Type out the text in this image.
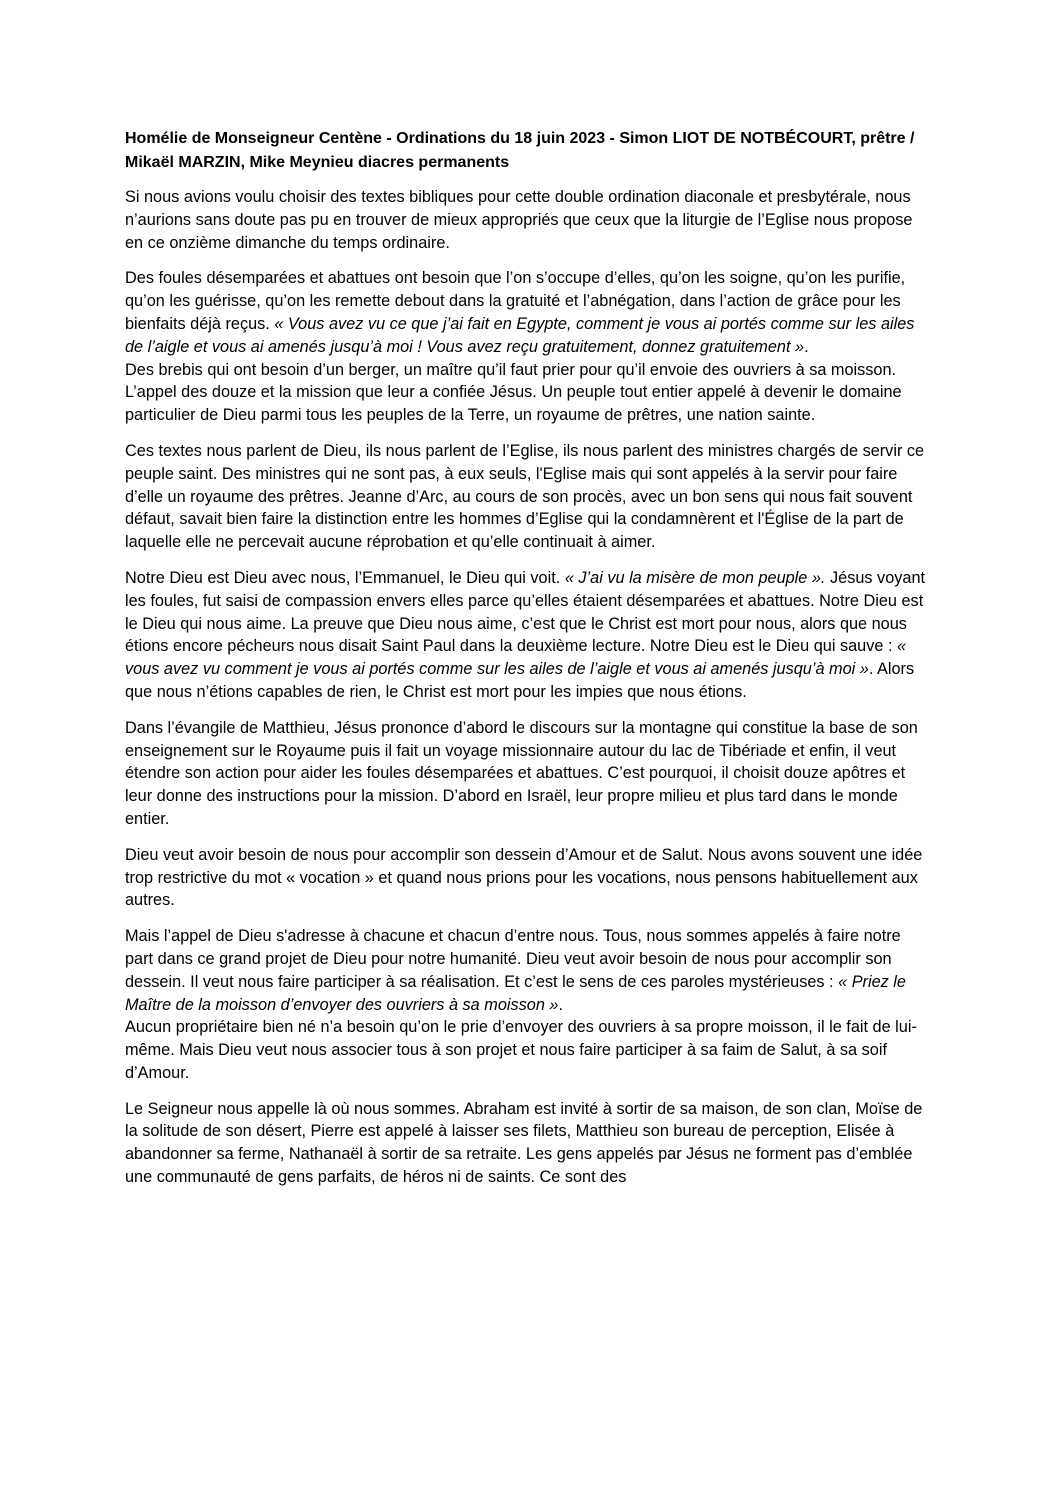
Homélie de Monseigneur Centène - Ordinations du 18 juin 2023 - Simon LIOT DE NOTBÉCOURT, prêtre / Mikaël MARZIN, Mike Meynieu diacres permanents
Si nous avions voulu choisir des textes bibliques pour cette double ordination diaconale et presbytérale, nous n’aurions sans doute pas pu en trouver de mieux appropriés que ceux que la liturgie de l’Eglise nous propose en ce onzième dimanche du temps ordinaire.
Des foules désemparées et abattues ont besoin que l’on s’occupe d’elles, qu’on les soigne, qu’on les purifie, qu’on les guérisse, qu’on les remette debout dans la gratuité et l’abnégation, dans l’action de grâce pour les bienfaits déjà reçus. « Vous avez vu ce que j’ai fait en Egypte, comment je vous ai portés comme sur les ailes de l’aigle et vous ai amenés jusqu’à moi ! Vous avez reçu gratuitement, donnez gratuitement ».
Des brebis qui ont besoin d’un berger, un maître qu’il faut prier pour qu’il envoie des ouvriers à sa moisson.
L’appel des douze et la mission que leur a confiée Jésus. Un peuple tout entier appelé à devenir le domaine particulier de Dieu parmi tous les peuples de la Terre, un royaume de prêtres, une nation sainte.
Ces textes nous parlent de Dieu, ils nous parlent de l’Eglise, ils nous parlent des ministres chargés de servir ce peuple saint. Des ministres qui ne sont pas, à eux seuls, l'Eglise mais qui sont appelés à la servir pour faire d’elle un royaume des prêtres. Jeanne d’Arc, au cours de son procès, avec un bon sens qui nous fait souvent défaut, savait bien faire la distinction entre les hommes d’Eglise qui la condamnèrent et l'Église de la part de laquelle elle ne percevait aucune réprobation et qu’elle continuait à aimer.
Notre Dieu est Dieu avec nous, l’Emmanuel, le Dieu qui voit. « J’ai vu la misère de mon peuple ». Jésus voyant les foules, fut saisi de compassion envers elles parce qu’elles étaient désemparées et abattues. Notre Dieu est le Dieu qui nous aime. La preuve que Dieu nous aime, c’est que le Christ est mort pour nous, alors que nous étions encore pécheurs nous disait Saint Paul dans la deuxième lecture. Notre Dieu est le Dieu qui sauve : « vous avez vu comment je vous ai portés comme sur les ailes de l’aigle et vous ai amenés jusqu’à moi ». Alors que nous n’étions capables de rien, le Christ est mort pour les impies que nous étions.
Dans l’évangile de Matthieu, Jésus prononce d’abord le discours sur la montagne qui constitue la base de son enseignement sur le Royaume puis il fait un voyage missionnaire autour du lac de Tibériade et enfin, il veut étendre son action pour aider les foules désemparées et abattues. C’est pourquoi, il choisit douze apôtres et leur donne des instructions pour la mission. D’abord en Israël, leur propre milieu et plus tard dans le monde entier.
Dieu veut avoir besoin de nous pour accomplir son dessein d’Amour et de Salut. Nous avons souvent une idée trop restrictive du mot « vocation » et quand nous prions pour les vocations, nous pensons habituellement aux autres.
Mais l’appel de Dieu s'adresse à chacune et chacun d’entre nous. Tous, nous sommes appelés à faire notre part dans ce grand projet de Dieu pour notre humanité. Dieu veut avoir besoin de nous pour accomplir son dessein. Il veut nous faire participer à sa réalisation. Et c’est le sens de ces paroles mystérieuses : « Priez le Maître de la moisson d’envoyer des ouvriers à sa moisson ».
Aucun propriétaire bien né n’a besoin qu’on le prie d’envoyer des ouvriers à sa propre moisson, il le fait de lui-même. Mais Dieu veut nous associer tous à son projet et nous faire participer à sa faim de Salut, à sa soif d’Amour.
Le Seigneur nous appelle là où nous sommes. Abraham est invité à sortir de sa maison, de son clan, Moïse de la solitude de son désert, Pierre est appelé à laisser ses filets, Matthieu son bureau de perception, Elisée à abandonner sa ferme, Nathanaël à sortir de sa retraite. Les gens appelés par Jésus ne forment pas d’emblée une communauté de gens parfaits, de héros ni de saints. Ce sont des
